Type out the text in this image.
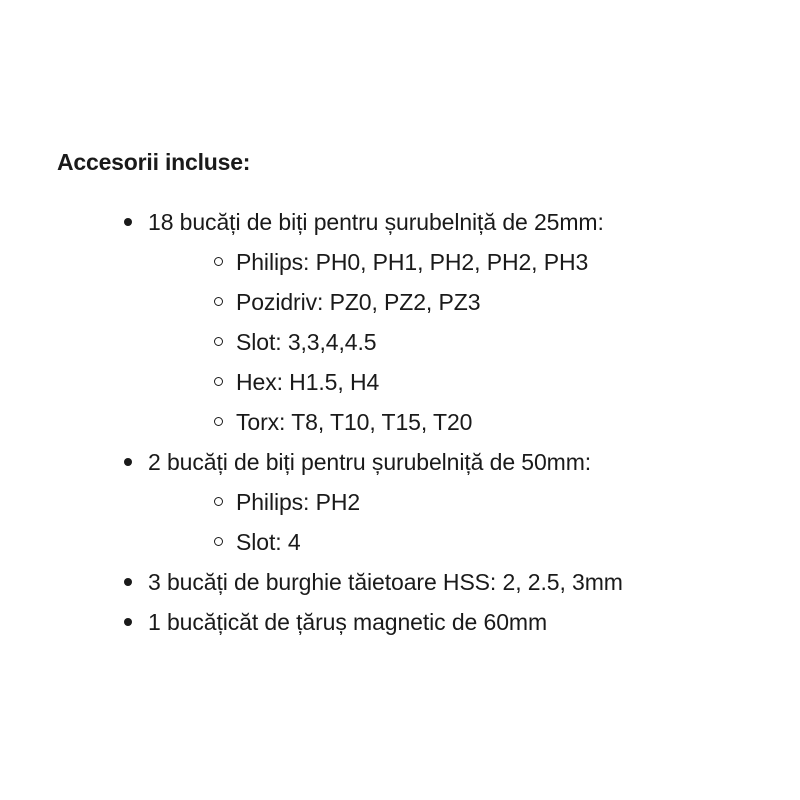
Accesorii incluse:
18 bucăți de biți pentru șurubelniță de 25mm:
Philips: PH0, PH1, PH2, PH2, PH3
Pozidriv: PZ0, PZ2, PZ3
Slot: 3,3,4,4.5
Hex: H1.5, H4
Torx: T8, T10, T15, T20
2 bucăți de biți pentru șurubelniță de 50mm:
Philips: PH2
Slot: 4
3 bucăți de burghie tăietoare HSS: 2, 2.5, 3mm
1 bucățicăt de țăruș magnetic de 60mm
